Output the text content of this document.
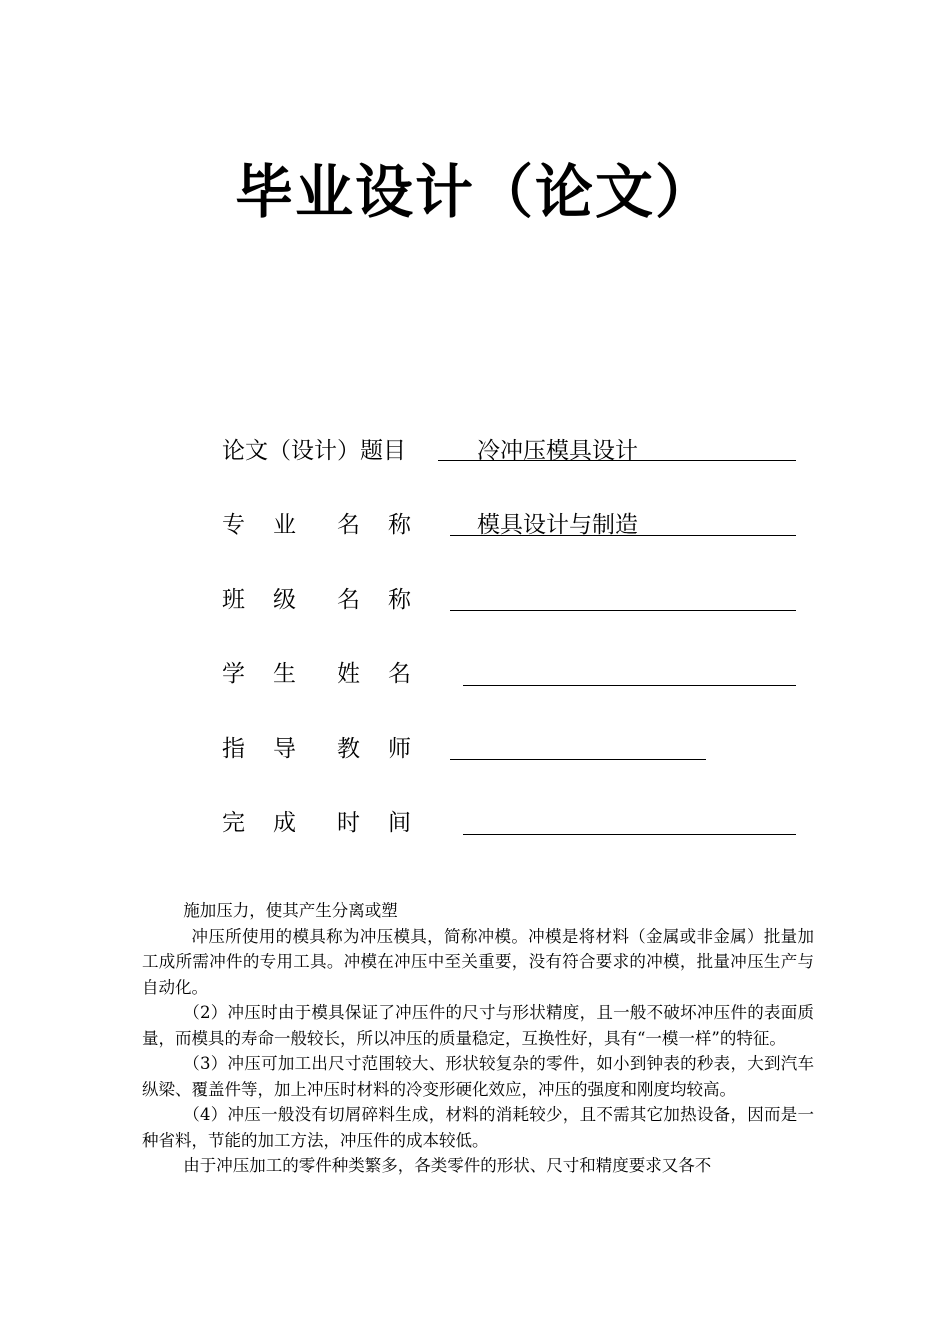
毕业设计（论文）
论文（设计）题目	冷冲压模具设计
专 业 名 称	模具设计与制造
班 级 名 称
学 生 姓 名
指 导 教 师
完 成 时 间

施加压力，使其产生分离或塑

冲压所使用的模具称为冲压模具，简称冲模。冲模是将材料（金属或非金属）批量加工成所需冲件的专用工具。冲模在冲压中至关重要，没有符合要求的冲模，批量冲压生产与自动化。

（2）冲压时由于模具保证了冲压件的尺寸与形状精度，且一般不破坏冲压件的表面质量，而模具的寿命一般较长，所以冲压的质量稳定，互换性好，具有“一模一样”的特征。

（3）冲压可加工出尺寸范围较大、形状较复杂的零件，如小到钟表的秒表，大到汽车纵梁、覆盖件等，加上冲压时材料的冷变形硬化效应，冲压的强度和刚度均较高。

（4）冲压一般没有切屑碎料生成，材料的消耗较少，且不需其它加热设备，因而是一种省料，节能的加工方法，冲压件的成本较低。

由于冲压加工的零件种类繁多，各类零件的形状、尺寸和精度要求又各不
